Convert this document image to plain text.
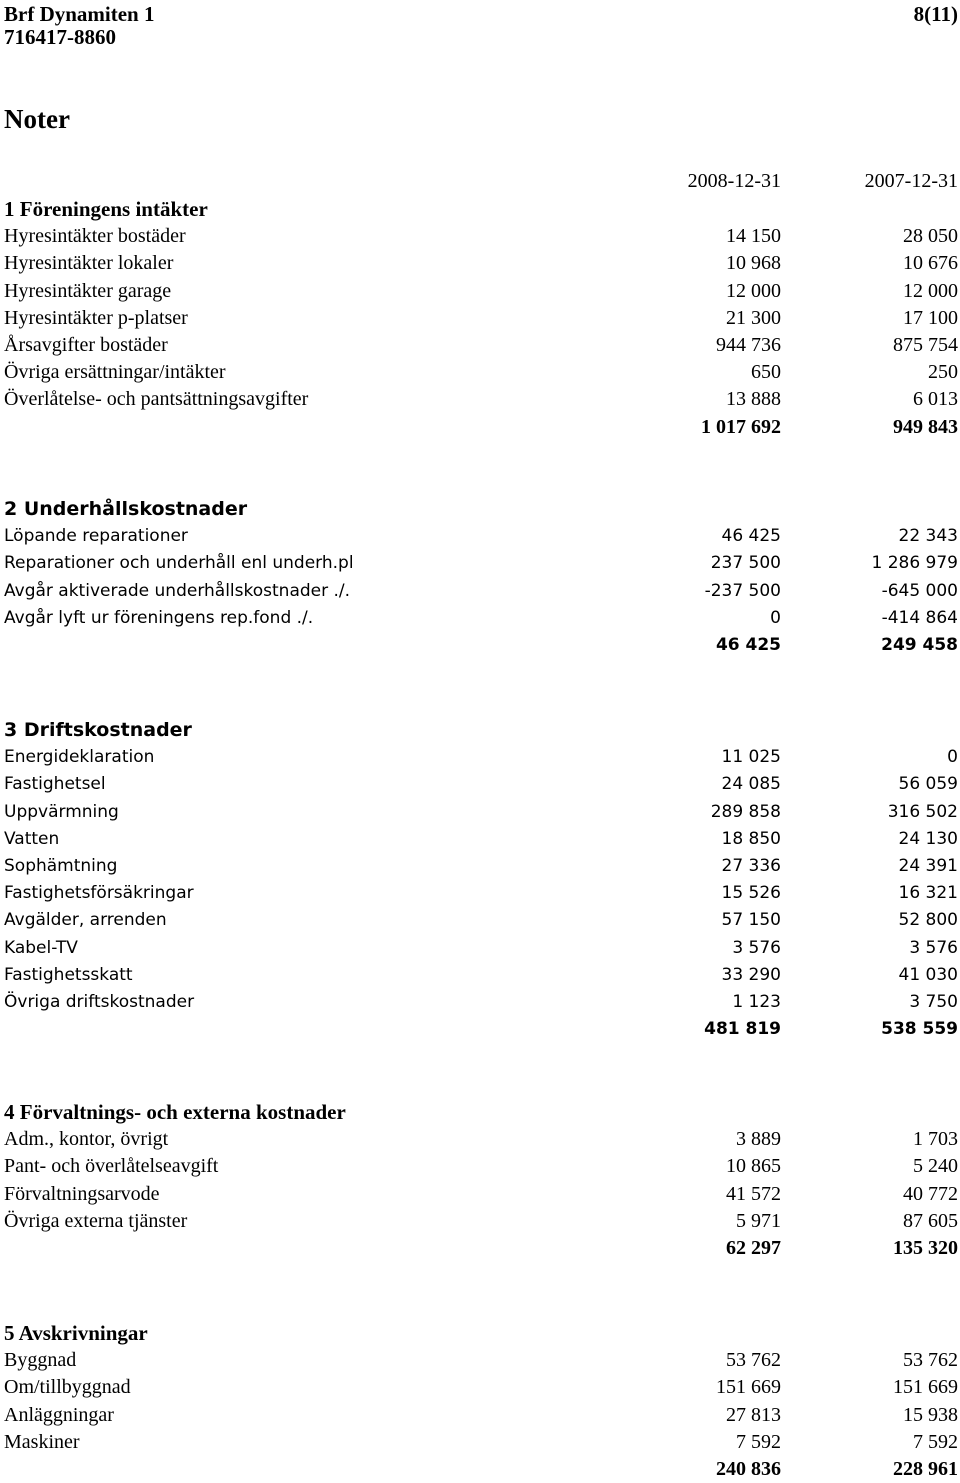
Brf Dynamiten 1
716417-8860
8(11)
Noter
2008-12-31	2007-12-31
1 Föreningens intäkter
Hyresintäkter bostäder	14 150	28 050
Hyresintäkter lokaler	10 968	10 676
Hyresintäkter garage	12 000	12 000
Hyresintäkter p-platser	21 300	17 100
Årsavgifter bostäder	944 736	875 754
Övriga ersättningar/intäkter	650	250
Överlåtelse- och pantsättningsavgifter	13 888	6 013
1 017 692	949 843
2 Underhållskostnader
Löpande reparationer	46 425	22 343
Reparationer och underhåll enl underh.pl	237 500	1 286 979
Avgår aktiverade underhållskostnader ./.	-237 500	-645 000
Avgår lyft ur föreningens rep.fond ./.	0	-414 864
46 425	249 458
3 Driftskostnader
Energideklaration	11 025	0
Fastighetsel	24 085	56 059
Uppvärmning	289 858	316 502
Vatten	18 850	24 130
Sophämtning	27 336	24 391
Fastighetsförsäkringar	15 526	16 321
Avgälder, arrenden	57 150	52 800
Kabel-TV	3 576	3 576
Fastighetsskatt	33 290	41 030
Övriga driftskostnader	1 123	3 750
481 819	538 559
4 Förvaltnings- och externa kostnader
Adm., kontor, övrigt	3 889	1 703
Pant- och överlåtelseavgift	10 865	5 240
Förvaltningsarvode	41 572	40 772
Övriga externa tjänster	5 971	87 605
62 297	135 320
5 Avskrivningar
Byggnad	53 762	53 762
Om/tillbyggnad	151 669	151 669
Anläggningar	27 813	15 938
Maskiner	7 592	7 592
240 836	228 961
